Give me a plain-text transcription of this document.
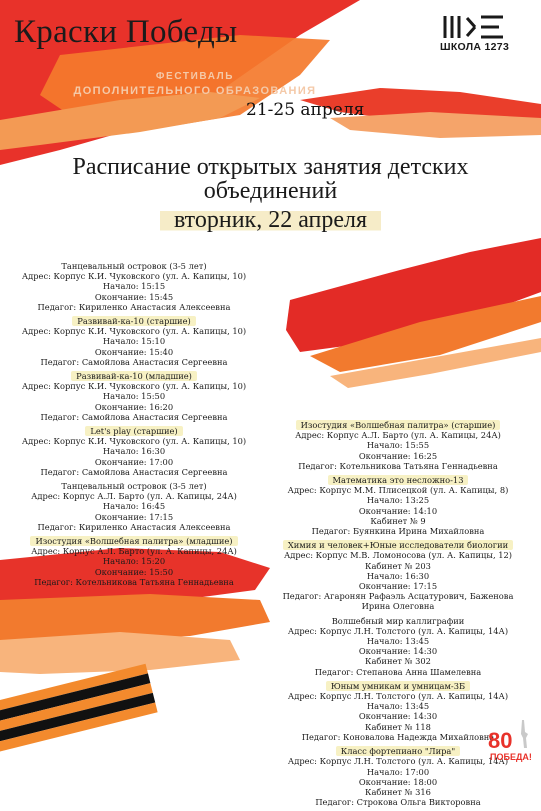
Краски Победы
ФЕСТИВАЛЬ
ДОПОЛНИТЕЛЬНОГО ОБРАЗОВАНИЯ
21-25 апреля
ШКОЛА 1273
Расписание открытых занятия детских
объединений
вторник, 22 апреля
Танцевальный островок (3-5 лет)
Адрес: Корпус К.И. Чуковского (ул. А. Капицы, 10)
Начало: 15:15
Окончание: 15:45
Педагог: Кириленко Анастасия Алексеевна
Развивай-ка-10 (старшие)
Адрес: Корпус К.И. Чуковского (ул. А. Капицы, 10)
Начало: 15:10
Окончание: 15:40
Педагог: Самойлова Анастасия Сергеевна
Развивай-ка-10 (младшие)
Адрес: Корпус К.И. Чуковского (ул. А. Капицы, 10)
Начало: 15:50
Окончание: 16:20
Педагог: Самойлова Анастасия Сергеевна
Let's play (старшие)
Адрес: Корпус К.И. Чуковского (ул. А. Капицы, 10)
Начало: 16:30
Окончание: 17:00
Педагог: Самойлова Анастасия Сергеевна
Танцевальный островок (3-5 лет)
Адрес: Корпус А.Л. Барто (ул. А. Капицы, 24А)
Начало: 16:45
Окончание: 17:15
Педагог: Кириленко Анастасия Алексеевна
Изостудия «Волшебная палитра» (младшие)
Адрес: Корпус А.Л. Барто (ул. А. Капицы, 24А)
Начало: 15:20
Окончание: 15:50
Педагог: Котельникова Татьяна Геннадьевна
Изостудия «Волшебная палитра» (старшие)
Адрес: Корпус А.Л. Барто (ул. А. Капицы, 24А)
Начало: 15:55
Окончание: 16:25
Педагог: Котельникова Татьяна Геннадьевна
Математика это несложно-13
Адрес: Корпус М.М. Плисецкой (ул. А. Капицы, 8)
Начало: 13:25
Окончание: 14:10
Кабинет № 9
Педагог: Буянкина Ирина Михайловна
Химия и человек+Юные исследователи биологии
Адрес: Корпус М.В. Ломоносова (ул. А. Капицы, 12)
Кабинет № 203
Начало: 16:30
Окончание: 17:15
Педагог: Агаронян Рафаэль Асцатурович, Баженова
Ирина Олеговна
Волшебный мир каллиграфии
Адрес: Корпус Л.Н. Толстого (ул. А. Капицы, 14А)
Начало: 13:45
Окончание: 14:30
Кабинет № 302
Педагог: Степанова Анна Шамелевна
Юным умникам и умницам-3Б
Адрес: Корпус Л.Н. Толстого (ул. А. Капицы, 14А)
Начало: 13:45
Окончание: 14:30
Кабинет № 118
Педагог: Коновалова Надежда Михайловна
Класс фортепиано "Лира"
Адрес: Корпус Л.Н. Толстого (ул. А. Капицы, 14А)
Начало: 17:00
Окончание: 18:00
Кабинет № 316
Педагог: Строкова Ольга Викторовна
80
ПОБЕДА!
